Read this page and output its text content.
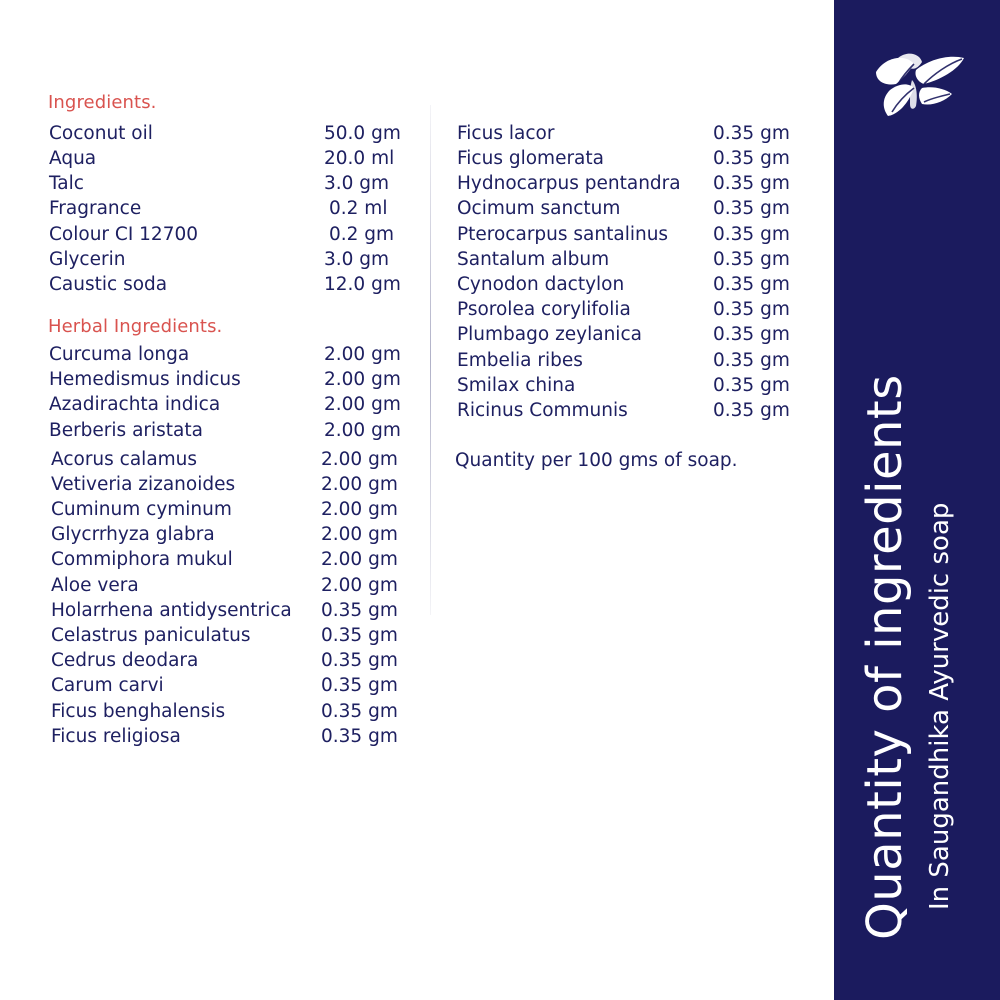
Ingredients.
Coconut oil	50.0 gm
Aqua	20.0 ml
Talc	3.0 gm
Fragrance	0.2 ml
Colour CI 12700	0.2 gm
Glycerin	3.0 gm
Caustic soda	12.0 gm
Herbal Ingredients.
Curcuma longa	2.00 gm
Hemedismus indicus	2.00 gm
Azadirachta indica	2.00 gm
Berberis aristata	2.00 gm
Acorus calamus	2.00 gm
Vetiveria zizanoides	2.00 gm
Cuminum cyminum	2.00 gm
Glycrrhyza glabra	2.00 gm
Commiphora mukul	2.00 gm
Aloe vera	2.00 gm
Holarrhena antidysentrica 0.35 gm
Celastrus paniculatus	0.35 gm
Cedrus deodara	0.35 gm
Carum carvi	0.35 gm
Ficus benghalensis	0.35 gm
Ficus religiosa	0.35 gm
Ficus lacor	0.35 gm
Ficus glomerata	0.35 gm
Hydnocarpus pentandra 0.35 gm
Ocimum sanctum	0.35 gm
Pterocarpus santalinus 0.35 gm
Santalum album	0.35 gm
Cynodon dactylon	0.35 gm
Psorolea corylifolia	0.35 gm
Plumbago zeylanica	0.35 gm
Embelia ribes	0.35 gm
Smilax china	0.35 gm
Ricinus Communis	0.35 gm
Quantity per 100 gms of soap. Quantity of ingredients In Saugandhika Ayurvedic soap
